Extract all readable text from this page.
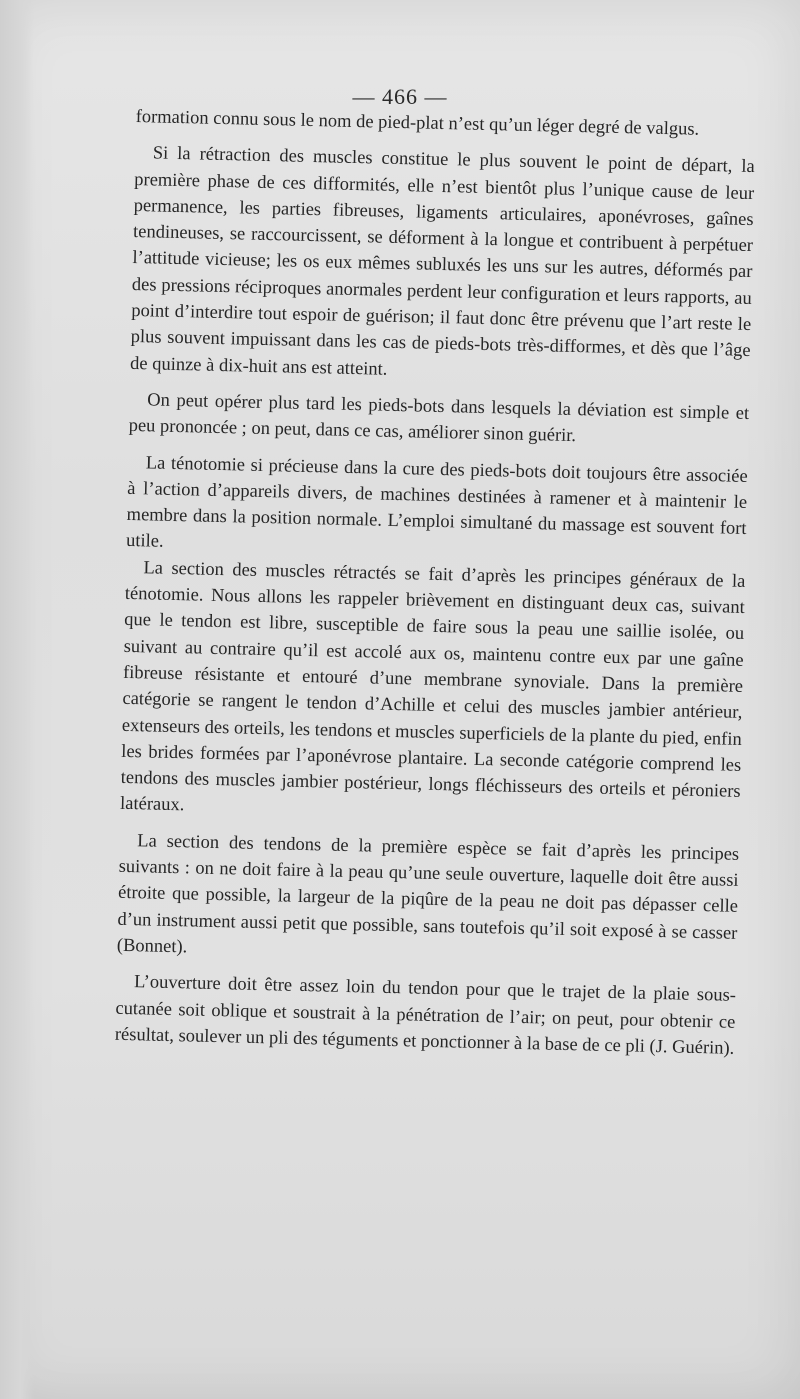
— 466 —

formation connu sous le nom de pied-plat n’est qu’un léger degré de valgus.

Si la rétraction des muscles constitue le plus souvent le point de départ, la première phase de ces difformités, elle n’est bientôt plus l’unique cause de leur permanence, les parties fibreuses, ligaments articulaires, aponévroses, gaînes tendineuses, se raccourcissent, se déforment à la longue et contribuent à perpétuer l’attitude vicieuse; les os eux mêmes subluxés les uns sur les autres, déformés par des pressions réciproques anormales perdent leur configuration et leurs rapports, au point d’interdire tout espoir de guérison; il faut donc être prévenu que l’art reste le plus souvent impuissant dans les cas de pieds-bots très-difformes, et dès que l’âge de quinze à dix-huit ans est atteint.

On peut opérer plus tard les pieds-bots dans lesquels la déviation est simple et peu prononcée ; on peut, dans ce cas, améliorer sinon guérir.

La ténotomie si précieuse dans la cure des pieds-bots doit toujours être associée à l’action d’appareils divers, de machines destinées à ramener et à maintenir le membre dans la position normale. L’emploi simultané du massage est souvent fort utile.

La section des muscles rétractés se fait d’après les principes généraux de la ténotomie. Nous allons les rappeler brièvement en distinguant deux cas, suivant que le tendon est libre, susceptible de faire sous la peau une saillie isolée, ou suivant au contraire qu’il est accolé aux os, maintenu contre eux par une gaîne fibreuse résistante et entouré d’une membrane synoviale. Dans la première catégorie se rangent le tendon d’Achille et celui des muscles jambier antérieur, extenseurs des orteils, les tendons et muscles superficiels de la plante du pied, enfin les brides formées par l’aponévrose plantaire. La seconde catégorie comprend les tendons des muscles jambier postérieur, longs fléchisseurs des orteils et péroniers latéraux.

La section des tendons de la première espèce se fait d’après les principes suivants : on ne doit faire à la peau qu’une seule ouverture, laquelle doit être aussi étroite que possible, la largeur de la piqûre de la peau ne doit pas dépasser celle d’un instrument aussi petit que possible, sans toutefois qu’il soit exposé à se casser (Bonnet).

L’ouverture doit être assez loin du tendon pour que le trajet de la plaie sous-cutanée soit oblique et soustrait à la pénétration de l’air; on peut, pour obtenir ce résultat, soulever un pli des téguments et ponctionner à la base de ce pli (J. Guérin).
